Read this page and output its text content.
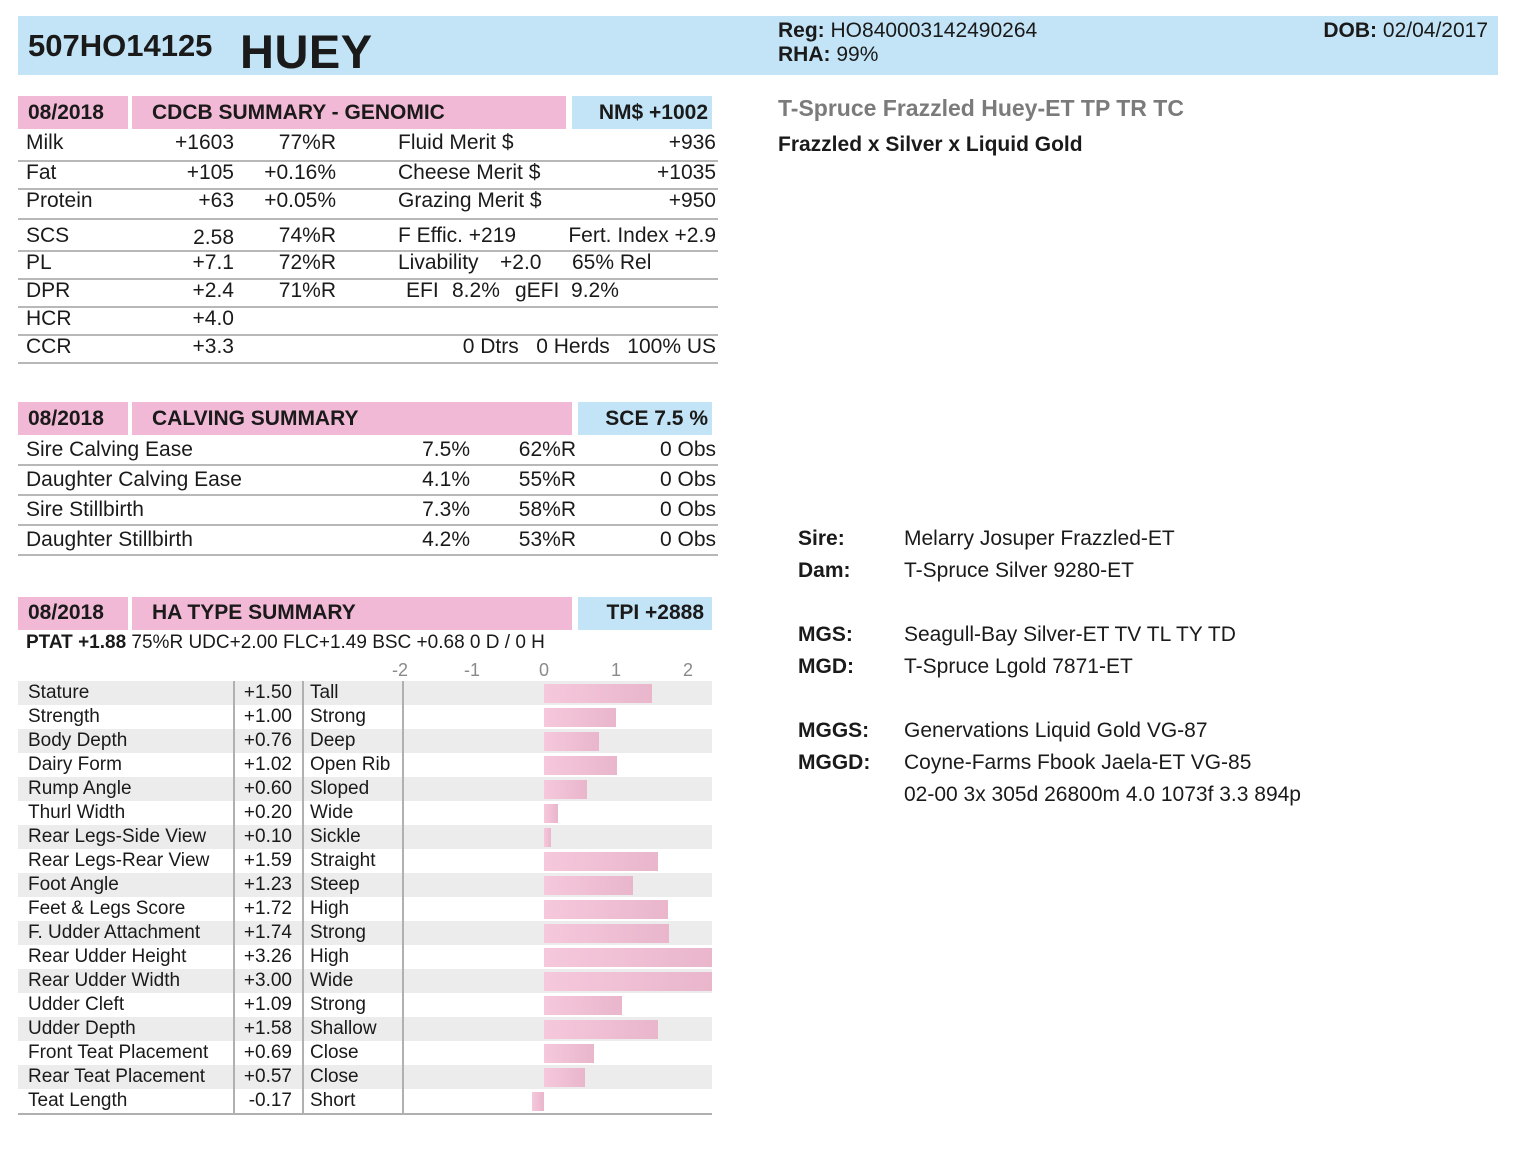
507HO14125 HUEY	Reg: HO840003142490264
RHA: 99%
DOB: 02/04/2017
08/2018 CDCB SUMMARY - GENOMIC	NM$ +1002
Milk	+1603	77%R	Fluid Merit $	+936
Fat	+105	+0.16%	Cheese Merit $	+1035
Protein	+63	+0.05%	Grazing Merit $	+950
SCS	2.58	74%R	F Effic. +219	Fert. Index +2.9
PL	+7.1	72%R	Livability +2.0 65% Rel
DPR	+2.4	71%R	EFI 8.2% gEFI  9.2%
HCR	+4.0
CCR	+3.3	0 Dtrs   0 Herds   100% US
08/2018 CALVING SUMMARY	SCE 7.5 %
Sire Calving Ease	7.5%	62%R	0 Obs
Daughter Calving Ease	4.1%	55%R	0 Obs
Sire Stillbirth	7.3%	58%R	0 Obs
Daughter Stillbirth	4.2%	53%R	0 Obs
08/2018 HA TYPE SUMMARY	TPI +2888
PTAT +1.88 75%R UDC+2.00 FLC+1.49 BSC +0.68 0 D / 0 H
-2	-1	0	1	2
Stature	+1.50 Tall
Strength	+1.00 Strong
Body Depth	+0.76 Deep
Dairy Form	+1.02 Open Rib
Rump Angle	+0.60 Sloped
Thurl Width	+0.20 Wide
Rear Legs-Side View	+0.10 Sickle
Rear Legs-Rear View	+1.59 Straight
Foot Angle	+1.23 Steep
Feet & Legs Score	+1.72 High
F. Udder Attachment	+1.74 Strong
Rear Udder Height	+3.26 High
Rear Udder Width	+3.00 Wide
Udder Cleft	+1.09 Strong
Udder Depth	+1.58 Shallow
Front Teat Placement	+0.69 Close
Rear Teat Placement	+0.57 Close
Teat Length	-0.17 Short
T-Spruce Frazzled Huey-ET TP TR TC
Frazzled x Silver x Liquid Gold
Sire:	Melarry Josuper Frazzled-ET
Dam:	T-Spruce Silver 9280-ET
MGS: Seagull-Bay Silver-ET TV TL TY TD
MGD: T-Spruce Lgold 7871-ET
MGGS: Genervations Liquid Gold VG-87
MGGD: Coyne-Farms Fbook Jaela-ET VG-85
02-00 3x 305d 26800m 4.0 1073f 3.3 894p
